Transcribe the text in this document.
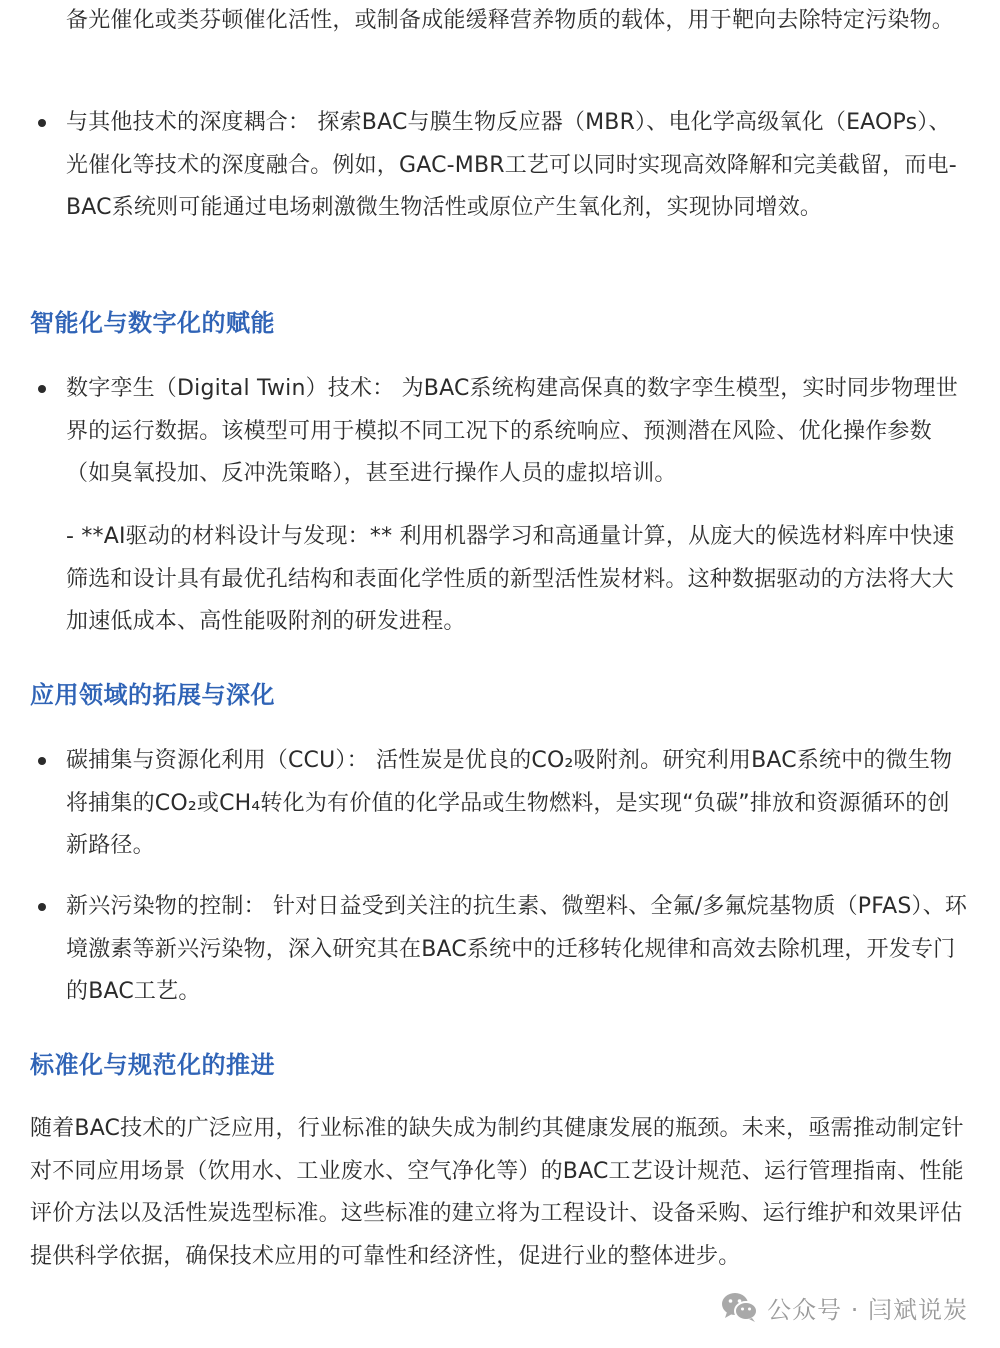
备光催化或类芬顿催化活性，或制备成能缓释营养物质的载体，用于靶向去除特定污染物。
与其他技术的深度耦合： 探索BAC与膜生物反应器（MBR）、电化学高级氧化（EAOPs）、光催化等技术的深度融合。例如，GAC-MBR工艺可以同时实现高效降解和完美截留，而电-BAC系统则可能通过电场刺激微生物活性或原位产生氧化剂，实现协同增效。
智能化与数字化的赋能
数字孪生（Digital Twin）技术： 为BAC系统构建高保真的数字孪生模型，实时同步物理世界的运行数据。该模型可用于模拟不同工况下的系统响应、预测潜在风险、优化操作参数（如臭氧投加、反冲洗策略），甚至进行操作人员的虚拟培训。
- **AI驱动的材料设计与发现：** 利用机器学习和高通量计算，从庞大的候选材料库中快速筛选和设计具有最优孔结构和表面化学性质的新型活性炭材料。这种数据驱动的方法将大大加速低成本、高性能吸附剂的研发进程。
应用领域的拓展与深化
碳捕集与资源化利用（CCU）： 活性炭是优良的CO₂吸附剂。研究利用BAC系统中的微生物将捕集的CO₂或CH₄转化为有价值的化学品或生物燃料，是实现“负碳”排放和资源循环的创新路径。
新兴污染物的控制： 针对日益受到关注的抗生素、微塑料、全氟/多氟烷基物质（PFAS）、环境激素等新兴污染物，深入研究其在BAC系统中的迁移转化规律和高效去除机理，开发专门的BAC工艺。
标准化与规范化的推进
随着BAC技术的广泛应用，行业标准的缺失成为制约其健康发展的瓶颈。未来，亟需推动制定针对不同应用场景（饮用水、工业废水、空气净化等）的BAC工艺设计规范、运行管理指南、性能评价方法以及活性炭选型标准。这些标准的建立将为工程设计、设备采购、运行维护和效果评估提供科学依据，确保技术应用的可靠性和经济性，促进行业的整体进步。
公众号 · 闫斌说炭
